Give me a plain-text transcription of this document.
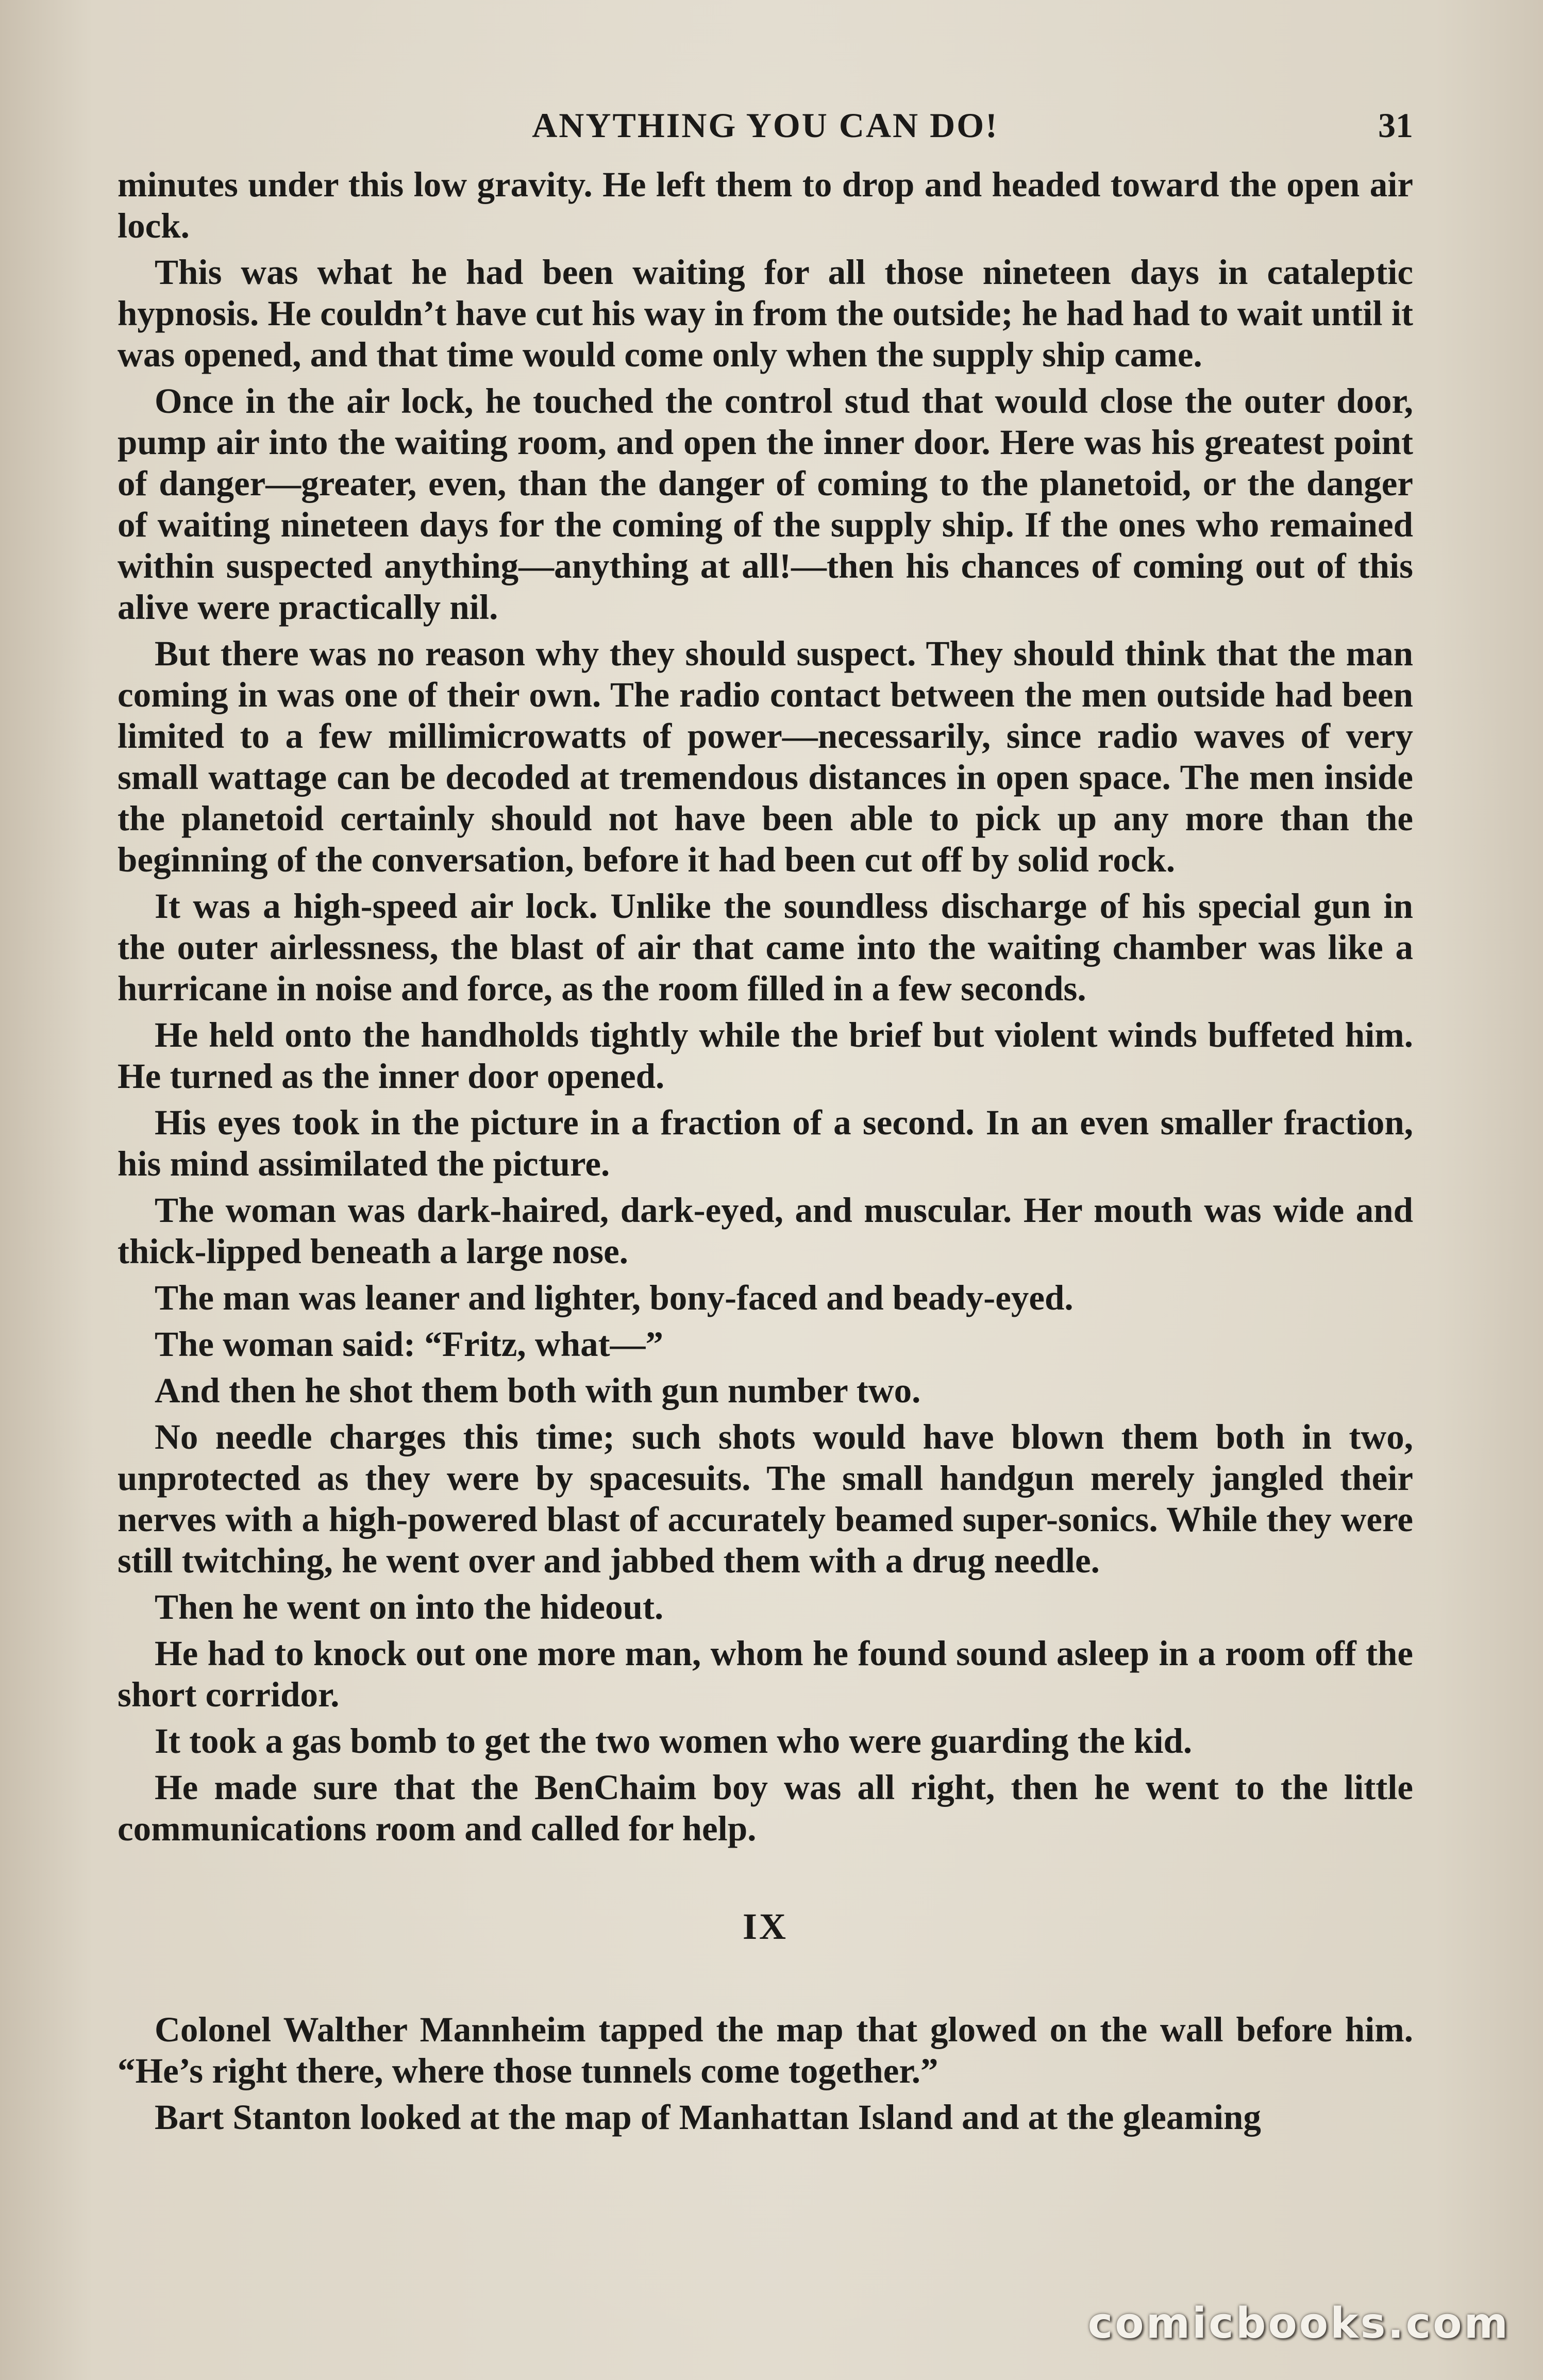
ANYTHING YOU CAN DO!	31

minutes under this low gravity. He left them to drop and headed toward the open air lock.

This was what he had been waiting for all those nineteen days in cataleptic hypnosis. He couldn’t have cut his way in from the outside; he had had to wait until it was opened, and that time would come only when the supply ship came.

Once in the air lock, he touched the control stud that would close the outer door, pump air into the waiting room, and open the inner door. Here was his greatest point of danger—greater, even, than the danger of coming to the planetoid, or the danger of waiting nineteen days for the coming of the supply ship. If the ones who remained within suspected anything—anything at all!—then his chances of coming out of this alive were practically nil.

But there was no reason why they should suspect. They should think that the man coming in was one of their own. The radio contact between the men outside had been limited to a few millimicrowatts of power—necessarily, since radio waves of very small wattage can be decoded at tremendous distances in open space. The men inside the planetoid certainly should not have been able to pick up any more than the beginning of the conversation, before it had been cut off by solid rock.

It was a high-speed air lock. Unlike the soundless discharge of his special gun in the outer airlessness, the blast of air that came into the waiting chamber was like a hurricane in noise and force, as the room filled in a few seconds.

He held onto the handholds tightly while the brief but violent winds buffeted him. He turned as the inner door opened.

His eyes took in the picture in a fraction of a second. In an even smaller fraction, his mind assimilated the picture.

The woman was dark-haired, dark-eyed, and muscular. Her mouth was wide and thick-lipped beneath a large nose.

The man was leaner and lighter, bony-faced and beady-eyed.

The woman said: “Fritz, what—”

And then he shot them both with gun number two.

No needle charges this time; such shots would have blown them both in two, unprotected as they were by spacesuits. The small handgun merely jangled their nerves with a high-powered blast of accurately beamed super-sonics. While they were still twitching, he went over and jabbed them with a drug needle.

Then he went on into the hideout.

He had to knock out one more man, whom he found sound asleep in a room off the short corridor.

It took a gas bomb to get the two women who were guarding the kid.

He made sure that the BenChaim boy was all right, then he went to the little communications room and called for help.

IX

Colonel Walther Mannheim tapped the map that glowed on the wall before him. “He’s right there, where those tunnels come together.”

Bart Stanton looked at the map of Manhattan Island and at the gleaming

comicbooks.com
